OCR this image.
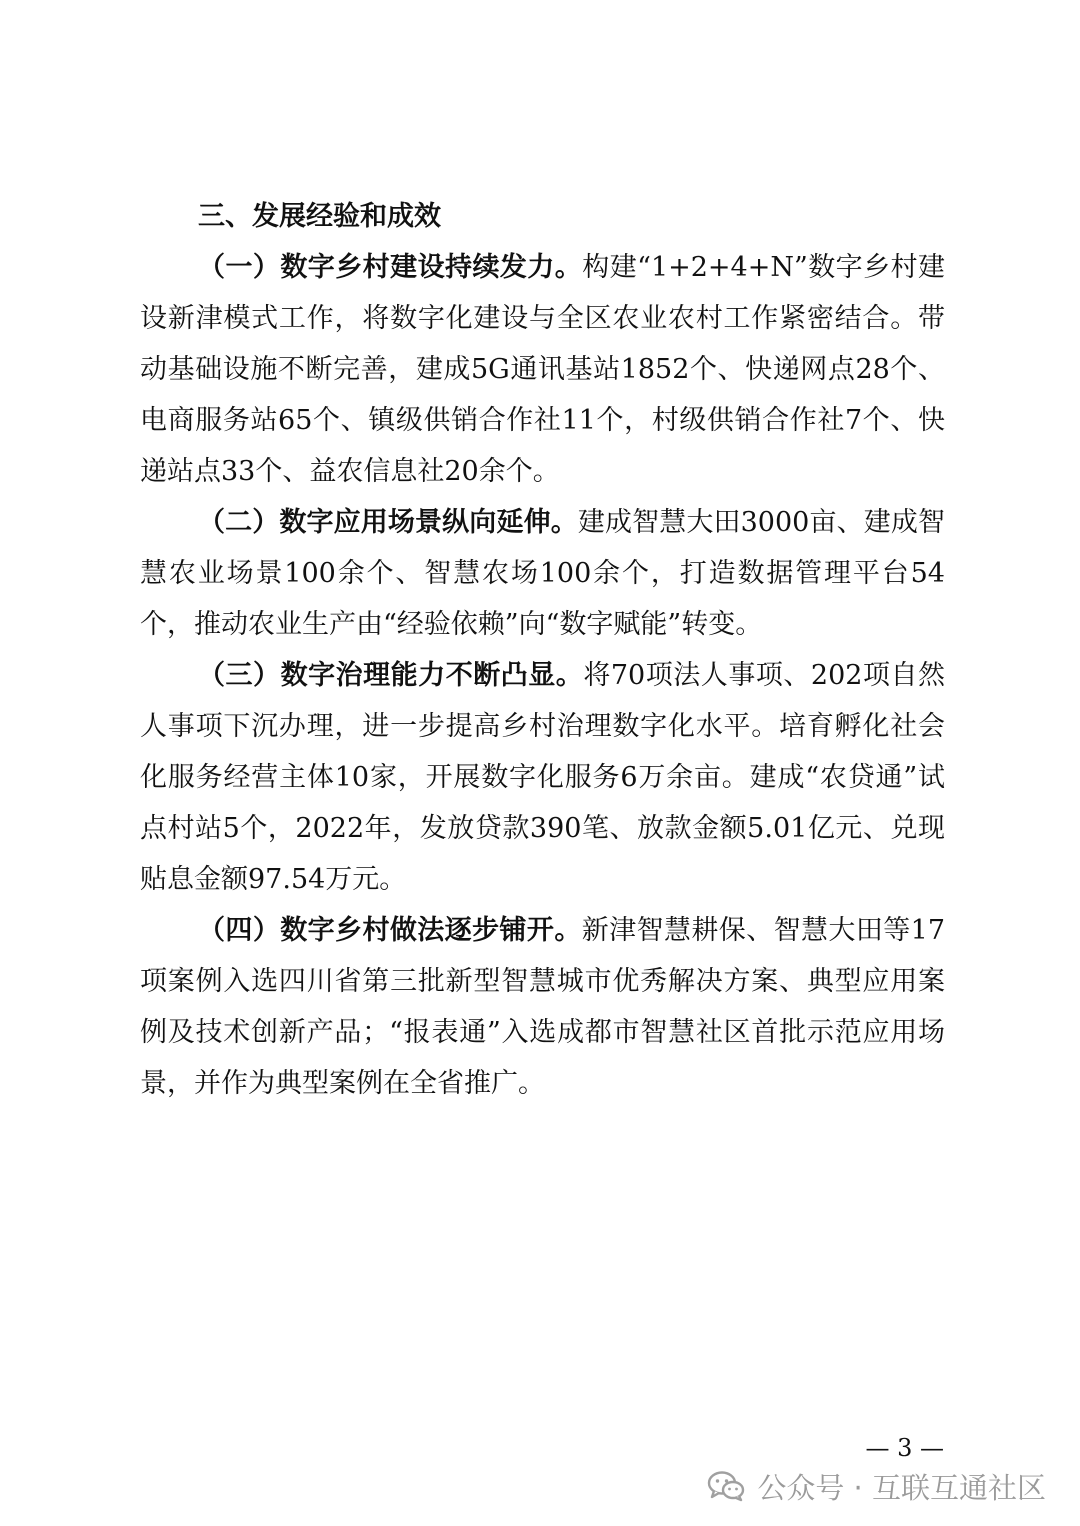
三、发展经验和成效

（一）数字乡村建设持续发力。构建“1+2+4+N”数字乡村建设新津模式工作，将数字化建设与全区农业农村工作紧密结合。带动基础设施不断完善，建成5G通讯基站1852个、快递网点28个、电商服务站65个、镇级供销合作社11个，村级供销合作社7个、快递站点33个、益农信息社20余个。

（二）数字应用场景纵向延伸。建成智慧大田3000亩、建成智慧农业场景100余个、智慧农场100余个，打造数据管理平台54个，推动农业生产由“经验依赖”向“数字赋能”转变。

（三）数字治理能力不断凸显。将70项法人事项、202项自然人事项下沉办理，进一步提高乡村治理数字化水平。培育孵化社会化服务经营主体10家，开展数字化服务6万余亩。建成“农贷通”试点村站5个，2022年，发放贷款390笔、放款金额5.01亿元、兑现贴息金额97.54万元。

（四）数字乡村做法逐步铺开。新津智慧耕保、智慧大田等17项案例入选四川省第三批新型智慧城市优秀解决方案、典型应用案例及技术创新产品；“报表通”入选成都市智慧社区首批示范应用场景，并作为典型案例在全省推广。

— 3 —
公众号 · 互联互通社区
